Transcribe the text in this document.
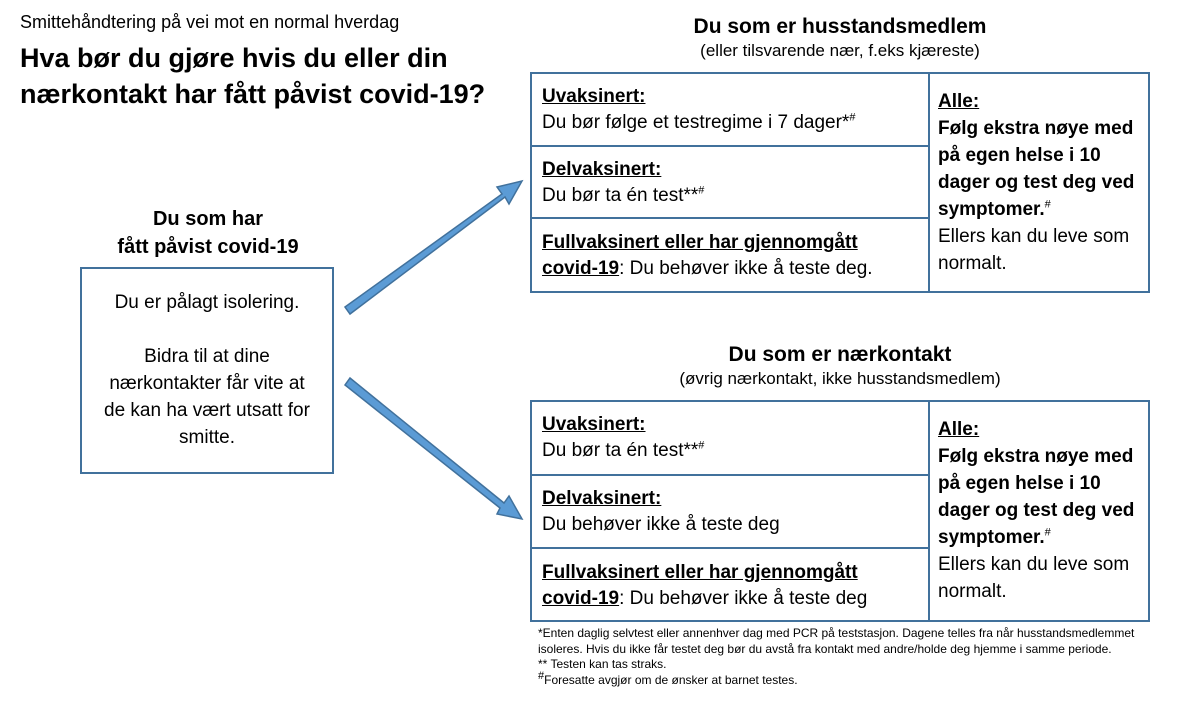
Smittehåndtering på vei mot en normal hverdag
Hva bør du gjøre hvis du eller din nærkontakt har fått påvist covid-19?
Du som har
fått påvist covid-19

Du er pålagt isolering.

Bidra til at dine nærkontakter får vite at de kan ha vært utsatt for smitte.

Du som er husstandsmedlem
(eller tilsvarende nær, f.eks kjæreste)
Uvaksinert:
Du bør følge et testregime i 7 dager*#
Delvaksinert:
Du bør ta én test**#
Fullvaksinert eller har gjennomgått
covid-19: Du behøver ikke å teste deg.
Alle:
Følg ekstra nøye med på egen helse i 10 dager og test deg ved symptomer.#
Ellers kan du leve som normalt.
Du som er nærkontakt
(øvrig nærkontakt, ikke husstandsmedlem)
Uvaksinert:
Du bør ta én test**#
Delvaksinert:
Du behøver ikke å teste deg
Fullvaksinert eller har gjennomgått
covid-19: Du behøver ikke å teste deg
Alle:
Følg ekstra nøye med på egen helse i 10 dager og test deg ved symptomer.#
Ellers kan du leve som normalt.
*Enten daglig selvtest eller annenhver dag med PCR på teststasjon. Dagene telles fra når husstandsmedlemmet isoleres. Hvis du ikke får testet deg bør du avstå fra kontakt med andre/holde deg hjemme i samme periode.
** Testen kan tas straks.
#Foresatte avgjør om de ønsker at barnet testes.
